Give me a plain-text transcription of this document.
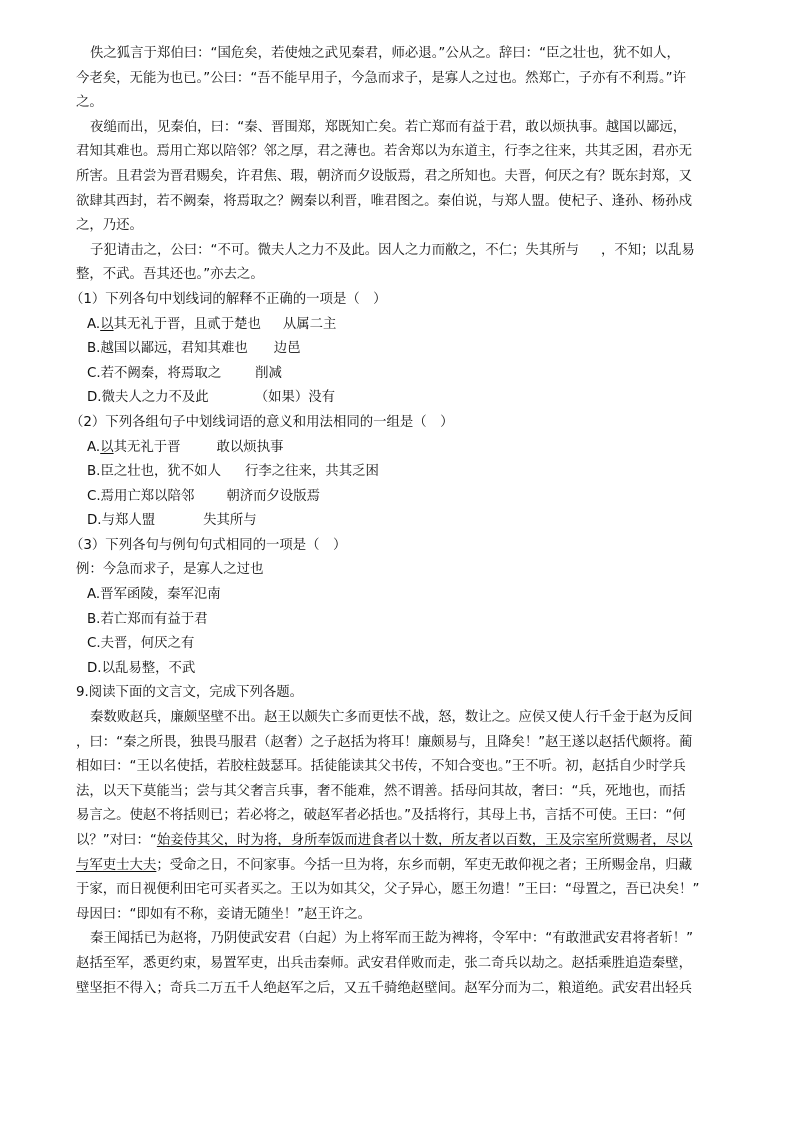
佚之狐言于郑伯曰：“国危矣，若使烛之武见秦君，师必退。”公从之。辞曰：“臣之壮也，犹不如人，
今老矣，无能为也已。”公曰：“吾不能早用子，今急而求子，是寡人之过也。然郑亡，子亦有不利焉。”许
之。
夜缒而出，见秦伯，曰：“秦、晋围郑，郑既知亡矣。若亡郑而有益于君，敢以烦执事。越国以鄙远，
君知其难也。焉用亡郑以陪邻？邻之厚，君之薄也。若舍郑以为东道主，行李之往来，共其乏困，君亦无
所害。且君尝为晋君赐矣，许君焦、瑕，朝济而夕设版焉，君之所知也。夫晋，何厌之有？既东封郑，又
欲肆其西封，若不阙秦，将焉取之？阙秦以利晋，唯君图之。秦伯说，与郑人盟。使杞子、逢孙、杨孙戍
之，乃还。
子犯请击之，公曰：“不可。微夫人之力不及此。因人之力而敝之，不仁；失其所与 ，不知；以乱易
整，不武。吾其还也。”亦去之。
（1）下列各句中划线词的解释不正确的一项是（　）
A.以其无礼于晋，且贰于楚也 从属二主
B.越国以鄙远，君知其难也 边邑
C.若不阙秦，将焉取之	削减
D.微夫人之力不及此	（如果）没有
（2）下列各组句子中划线词语的意义和用法相同的一组是（　）
A.以其无礼于晋	敢以烦执事
B.臣之壮也，犹不如人 行李之往来，共其乏困
C.焉用亡郑以陪邻 朝济而夕设版焉
D.与郑人盟	失其所与
（3）下列各句与例句句式相同的一项是（　）
例：今急而求子，是寡人之过也
A.晋军函陵，秦军氾南
B.若亡郑而有益于君
C.夫晋，何厌之有
D.以乱易整，不武
9.阅读下面的文言文，完成下列各题。
秦数败赵兵，廉颇坚壁不出。赵王以颇失亡多而更怯不战，怒，数让之。应侯又使人行千金于赵为反间
，曰：“秦之所畏，独畏马服君（赵奢）之子赵括为将耳！廉颇易与，且降矣！”赵王遂以赵括代颇将。蔺
相如曰：“王以名使括，若胶柱鼓瑟耳。括徒能读其父书传，不知合变也。”王不听。初，赵括自少时学兵
法，以天下莫能当；尝与其父奢言兵事，奢不能难，然不谓善。括母问其故，奢曰：“兵，死地也，而括
易言之。使赵不将括则已；若必将之，破赵军者必括也。”及括将行，其母上书，言括不可使。王曰：“何
以？”对曰：“始妾侍其父，时为将，身所奉饭而进食者以十数，所友者以百数，王及宗室所赏赐者，尽以
与军吏士大夫；受命之日，不问家事。今括一旦为将，东乡而朝，军吏无敢仰视之者；王所赐金帛，归藏
于家，而日视便利田宅可买者买之。王以为如其父，父子异心，愿王勿遣！”王曰：“母置之，吾已决矣！”
母因曰：“即如有不称，妾请无随坐！”赵王许之。
秦王闻括已为赵将，乃阴使武安君（白起）为上将军而王龁为裨将，令军中：“有敢泄武安君将者斩！”
赵括至军，悉更约束，易置军吏，出兵击秦师。武安君佯败而走，张二奇兵以劫之。赵括乘胜追造秦壁，
壁坚拒不得入；奇兵二万五千人绝赵军之后，又五千骑绝赵壁间。赵军分而为二，粮道绝。武安君出轻兵
